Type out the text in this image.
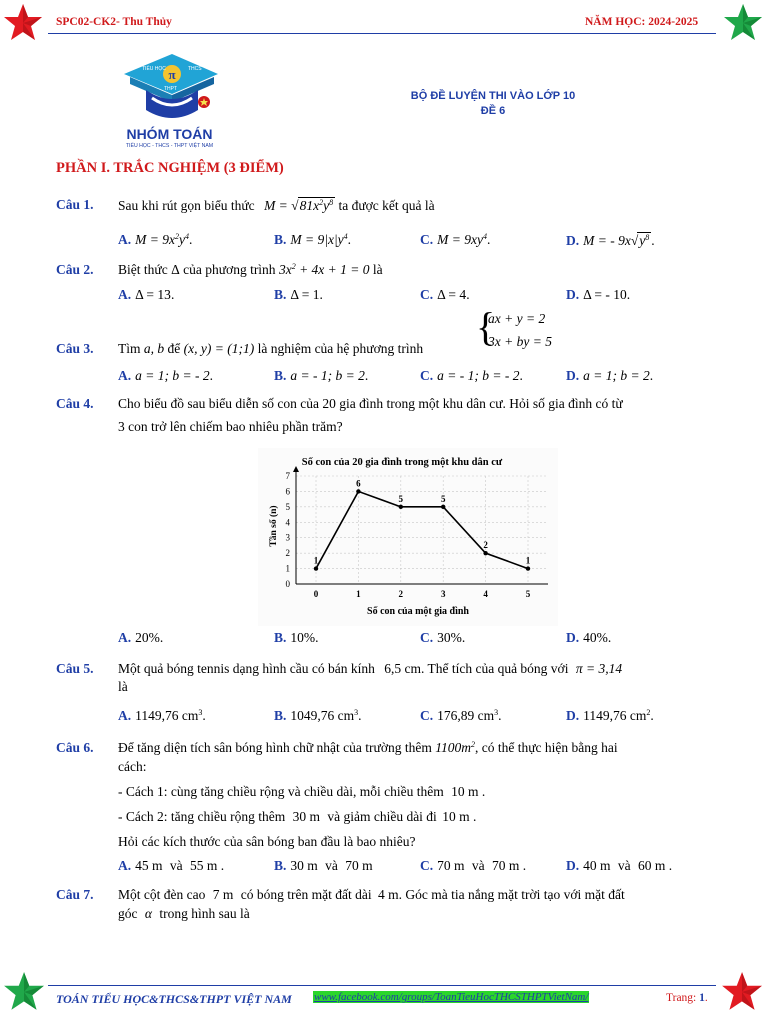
SPC02-CK2- Thu Thủy	NĂM HỌC: 2024-2025
π
TIỂU HỌC	THCS
THPT
NHÓM TOÁN
TIỂU HỌC - THCS - THPT VIỆT NAM
BỘ ĐỀ LUYỆN THI VÀO LỚP 10
ĐỀ 6
PHẦN I. TRẮC NGHIỆM (3 ĐIỂM)
Câu 1. Sau khi rút gọn biểu thức $M = √81x^2y^8$ ta được kết quả là
A. $M = 9x^2y^4$.	B. $M = 9|x|y^4$.	C. $M = 9xy^4$.	D. M = - $9x√y^8$ .
Câu 2. Biệt thức Δ của phương trình $3x^2 + 4x + 1 = 0$ là
A. Δ = 13.	B. Δ = 1.	C. Δ = 4.	D. Δ = - 10.
Câu 3. Tìm a, b để (x, y) = (1;1) là nghiệm của hệ phương trình {
ax + y = 2
3x + by = 5
A. a = 1; b = - 2.	B. a = - 1; b = 2.	C. a = - 1; b = - 2.	D. a = 1; b = 2.
Câu 4. Cho biểu đồ sau biểu diễn số con của 20 gia đình trong một khu dân cư. Hỏi số gia đình có từ
3 con trở lên chiếm bao nhiêu phần trăm?
Số con của 20 gia đình trong một khu dân cư
Tần số (n)
Số con của một gia đình
0
1
2
3
4
5
6
7
0	1	2	3	4	5
1
6
5	5
2
1
A. 20%.	B. 10%.	C. 30%.	D. 40%.
Câu 5. Một quả bóng tennis dạng hình cầu có bán kính 6,5 cm. Thể tích của quả bóng với π = 3,14
là
A. 1149,76 $cm^3$.	B. 1049,76 $cm^3$.	C. 176,89 $cm^3$.	D. 1149,76 $cm^2$.
Câu 6. Để tăng diện tích sân bóng hình chữ nhật của trường thêm $1100m^2$, có thể thực hiện bằng hai
cách:
- Cách 1: cùng tăng chiều rộng và chiều dài, mỗi chiều thêm 10 m .
- Cách 2: tăng chiều rộng thêm 30 m và giảm chiều dài đi 10 m .
Hỏi các kích thước của sân bóng ban đầu là bao nhiêu?
A. 45 m và 55 m .	B. 30 m và 70 m	C. 70 m và 70 m .	D. 40 m và 60 m .
Câu 7. Một cột đèn cao 7 m có bóng trên mặt đất dài 4 m. Góc mà tia nắng mặt trời tạo với mặt đất
góc α trong hình sau là
TOÁN TIỂU HỌC&THCS&THPT VIỆT NAM www.facebook.com/groups/ToanTieuHocTHCSTHPTVietNam/	Trang: 1.
